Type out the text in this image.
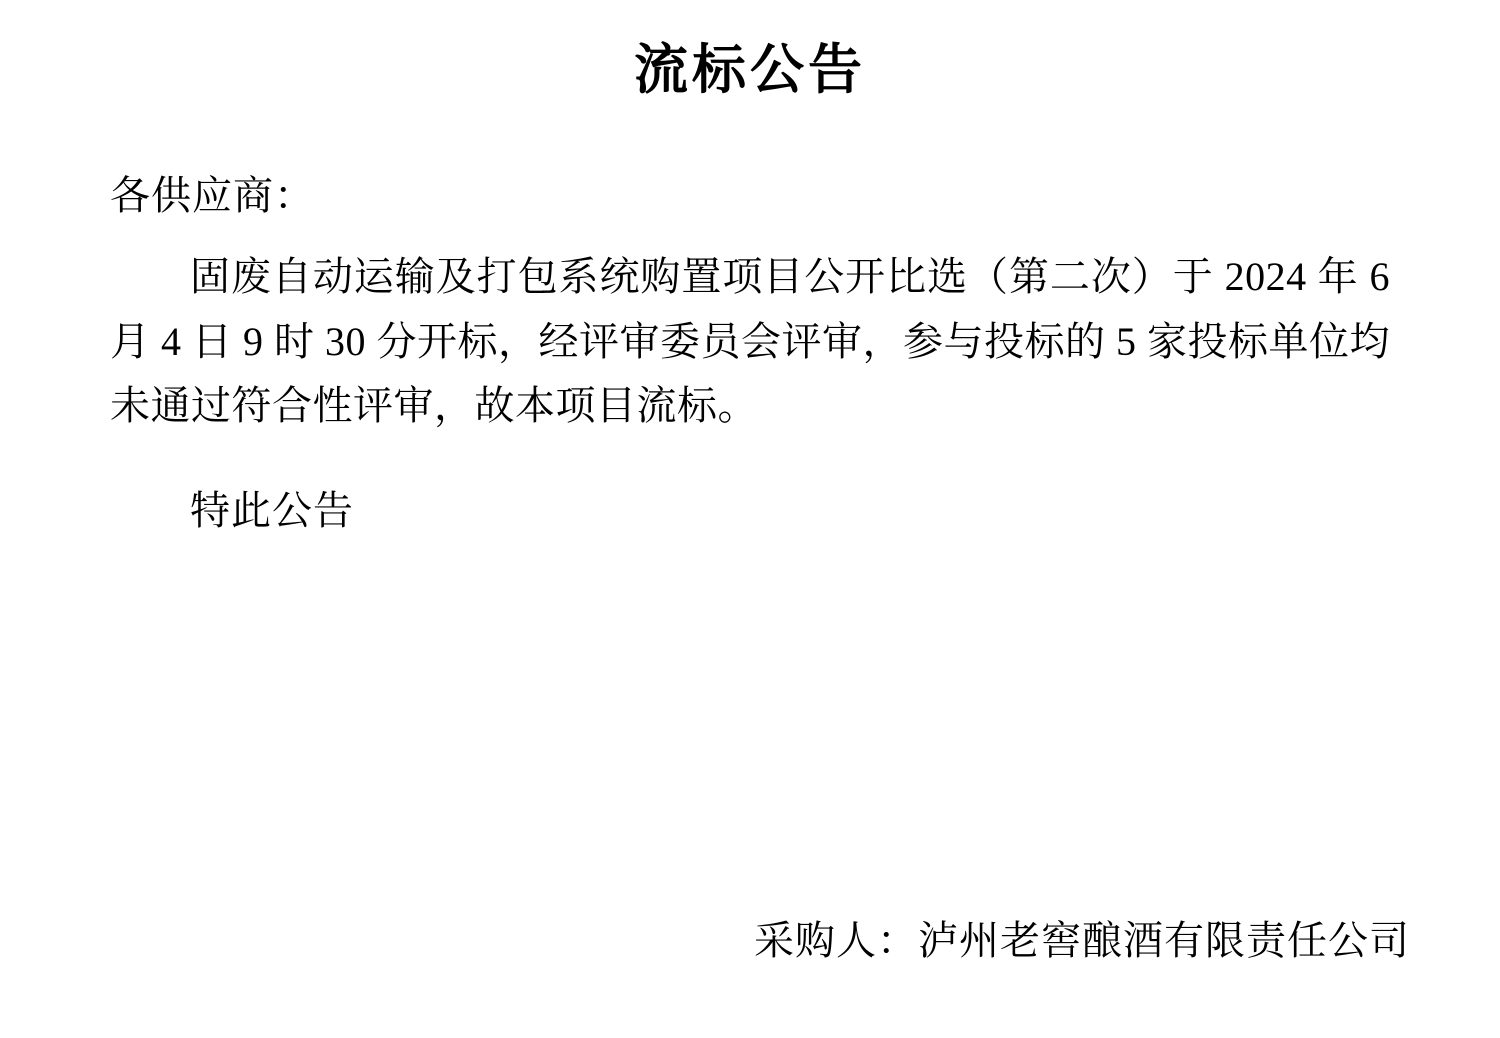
流标公告
各供应商：

固废自动运输及打包系统购置项目公开比选（第二次）于 2024 年 6 月 4 日 9 时 30 分开标，经评审委员会评审，参与投标的 5 家投标单位均未通过符合性评审，故本项目流标。

特此公告
采购人：泸州老窖酿酒有限责任公司
